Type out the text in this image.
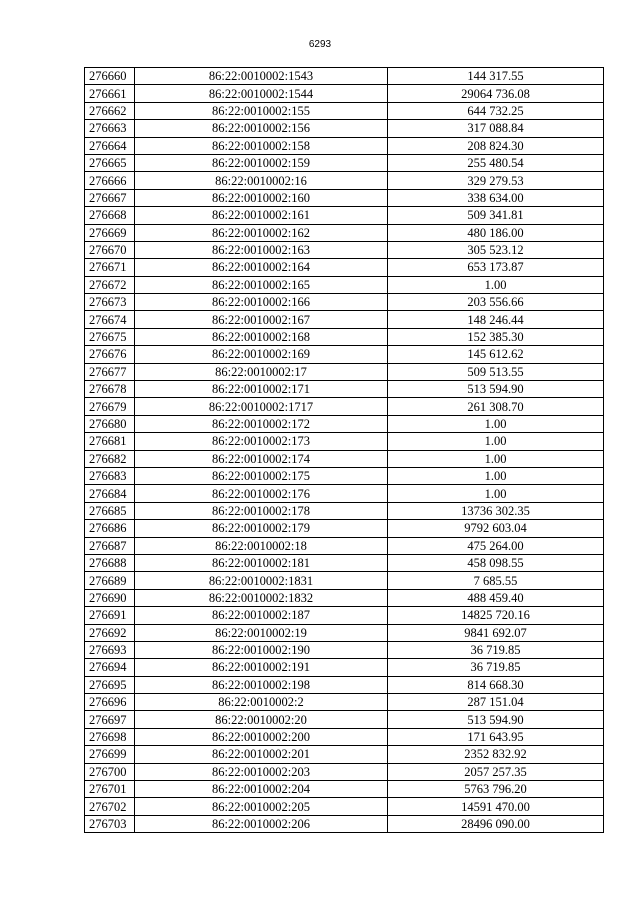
6293
276660	86:22:0010002:1543	144 317.55
276661	86:22:0010002:1544	29064 736.08
276662	86:22:0010002:155	644 732.25
276663	86:22:0010002:156	317 088.84
276664	86:22:0010002:158	208 824.30
276665	86:22:0010002:159	255 480.54
276666	86:22:0010002:16	329 279.53
276667	86:22:0010002:160	338 634.00
276668	86:22:0010002:161	509 341.81
276669	86:22:0010002:162	480 186.00
276670	86:22:0010002:163	305 523.12
276671	86:22:0010002:164	653 173.87
276672	86:22:0010002:165	1.00
276673	86:22:0010002:166	203 556.66
276674	86:22:0010002:167	148 246.44
276675	86:22:0010002:168	152 385.30
276676	86:22:0010002:169	145 612.62
276677	86:22:0010002:17	509 513.55
276678	86:22:0010002:171	513 594.90
276679	86:22:0010002:1717	261 308.70
276680	86:22:0010002:172	1.00
276681	86:22:0010002:173	1.00
276682	86:22:0010002:174	1.00
276683	86:22:0010002:175	1.00
276684	86:22:0010002:176	1.00
276685	86:22:0010002:178	13736 302.35
276686	86:22:0010002:179	9792 603.04
276687	86:22:0010002:18	475 264.00
276688	86:22:0010002:181	458 098.55
276689	86:22:0010002:1831	7 685.55
276690	86:22:0010002:1832	488 459.40
276691	86:22:0010002:187	14825 720.16
276692	86:22:0010002:19	9841 692.07
276693	86:22:0010002:190	36 719.85
276694	86:22:0010002:191	36 719.85
276695	86:22:0010002:198	814 668.30
276696	86:22:0010002:2	287 151.04
276697	86:22:0010002:20	513 594.90
276698	86:22:0010002:200	171 643.95
276699	86:22:0010002:201	2352 832.92
276700	86:22:0010002:203	2057 257.35
276701	86:22:0010002:204	5763 796.20
276702	86:22:0010002:205	14591 470.00
276703	86:22:0010002:206	28496 090.00
